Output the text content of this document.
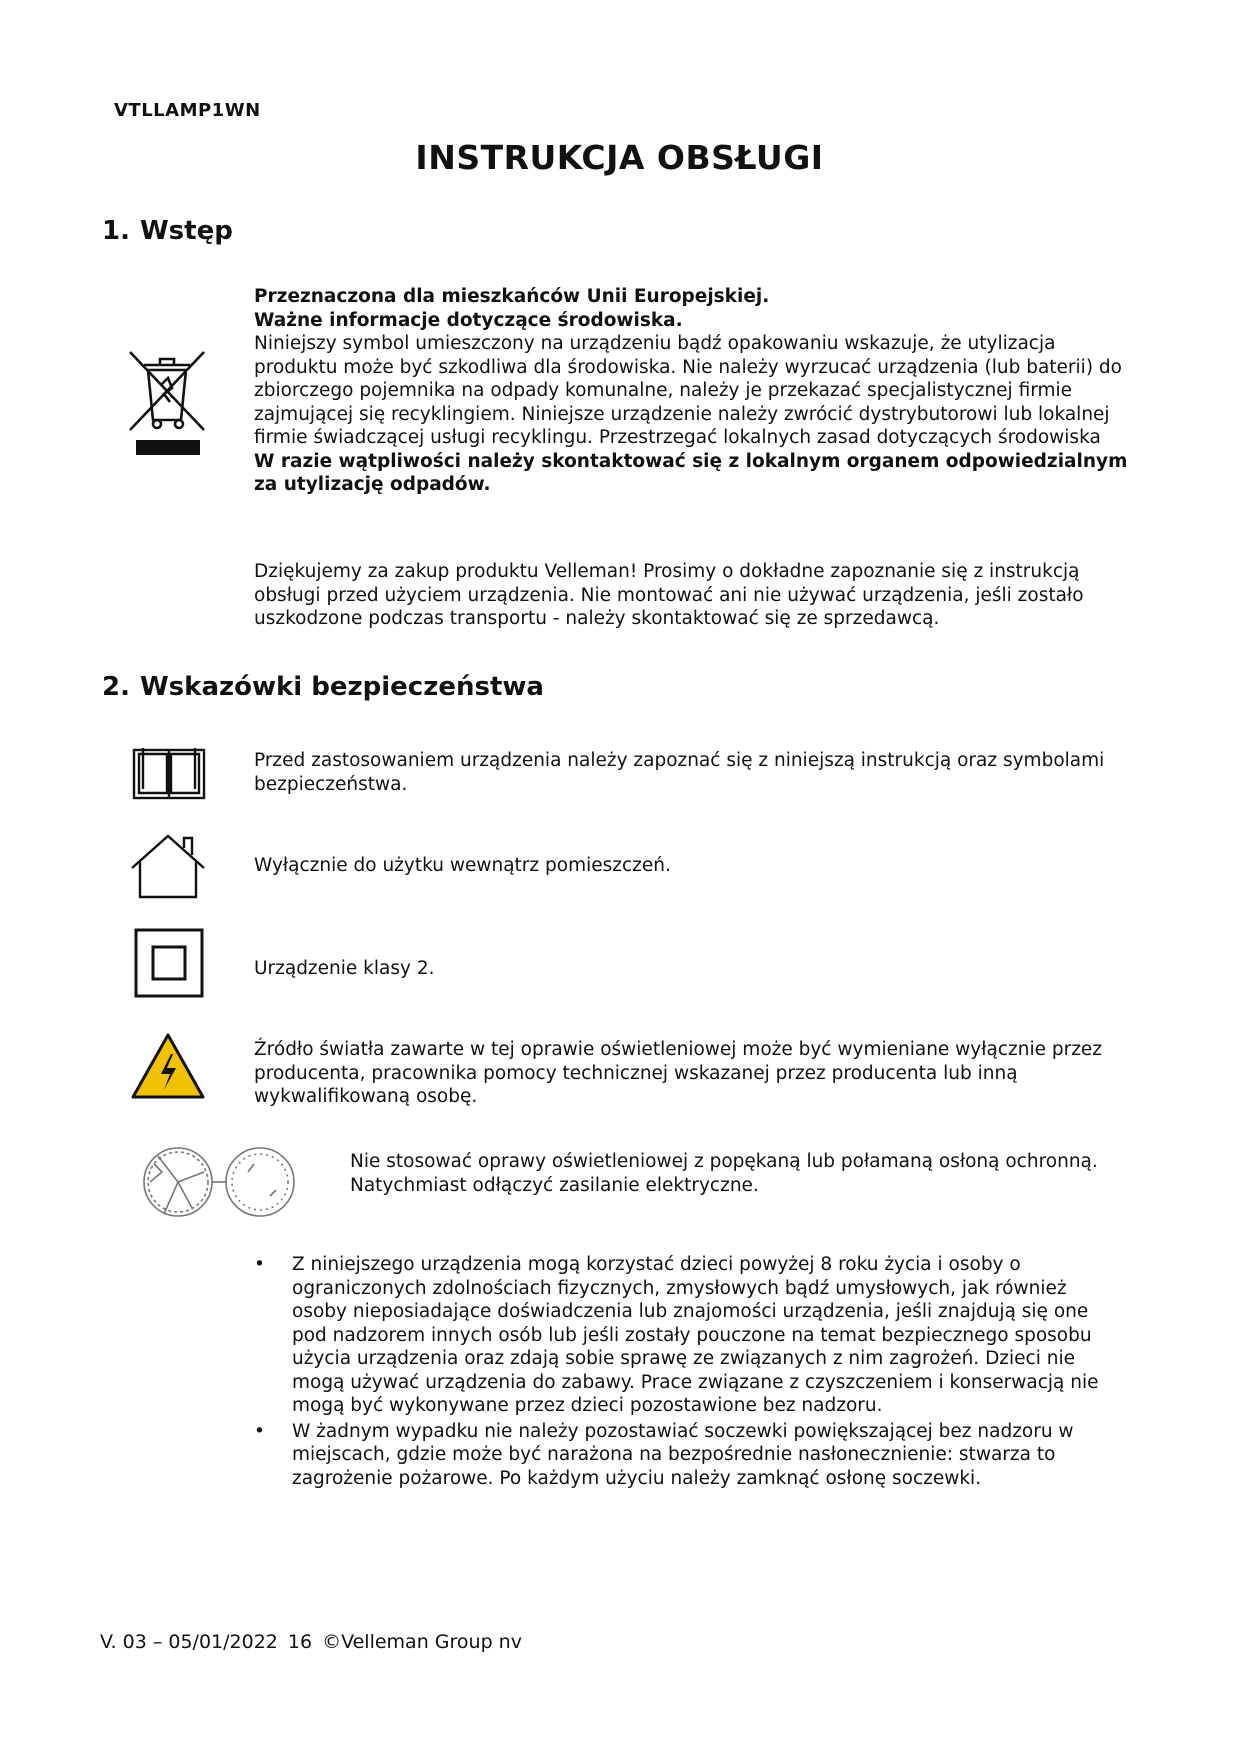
VTLLAMP1WN
INSTRUKCJA OBSŁUGI
1. Wstęp
Przeznaczona dla mieszkańców Unii Europejskiej.
Ważne informacje dotyczące środowiska.
Niniejszy symbol umieszczony na urządzeniu bądź opakowaniu wskazuje, że utylizacja produktu może być szkodliwa dla środowiska. Nie należy wyrzucać urządzenia (lub baterii) do zbiorczego pojemnika na odpady komunalne, należy je przekazać specjalistycznej firmie zajmującej się recyklingiem. Niniejsze urządzenie należy zwrócić dystrybutorowi lub lokalnej firmie świadczącej usługi recyklingu. Przestrzegać lokalnych zasad dotyczących środowiska
W razie wątpliwości należy skontaktować się z lokalnym organem odpowiedzialnym za utylizację odpadów.
Dziękujemy za zakup produktu Velleman! Prosimy o dokładne zapoznanie się z instrukcją obsługi przed użyciem urządzenia. Nie montować ani nie używać urządzenia, jeśli zostało uszkodzone podczas transportu - należy skontaktować się ze sprzedawcą.
2. Wskazówki bezpieczeństwa
Przed zastosowaniem urządzenia należy zapoznać się z niniejszą instrukcją oraz symbolami bezpieczeństwa.
Wyłącznie do użytku wewnątrz pomieszczeń.
Urządzenie klasy 2.
Źródło światła zawarte w tej oprawie oświetleniowej może być wymieniane wyłącznie przez producenta, pracownika pomocy technicznej wskazanej przez producenta lub inną wykwalifikowaną osobę.
Nie stosować oprawy oświetleniowej z popękaną lub połamaną osłoną ochronną. Natychmiast odłączyć zasilanie elektryczne.
• Z niniejszego urządzenia mogą korzystać dzieci powyżej 8 roku życia i osoby o ograniczonych zdolnościach fizycznych, zmysłowych bądź umysłowych, jak również osoby nieposiadające doświadczenia lub znajomości urządzenia, jeśli znajdują się one pod nadzorem innych osób lub jeśli zostały pouczone na temat bezpiecznego sposobu użycia urządzenia oraz zdają sobie sprawę ze związanych z nim zagrożeń. Dzieci nie mogą używać urządzenia do zabawy. Prace związane z czyszczeniem i konserwacją nie mogą być wykonywane przez dzieci pozostawione bez nadzoru.
• W żadnym wypadku nie należy pozostawiać soczewki powiększającej bez nadzoru w miejscach, gdzie może być narażona na bezpośrednie nasłonecznienie: stwarza to zagrożenie pożarowe. Po każdym użyciu należy zamknąć osłonę soczewki.
V. 03 – 05/01/2022 16 ©Velleman Group nv
